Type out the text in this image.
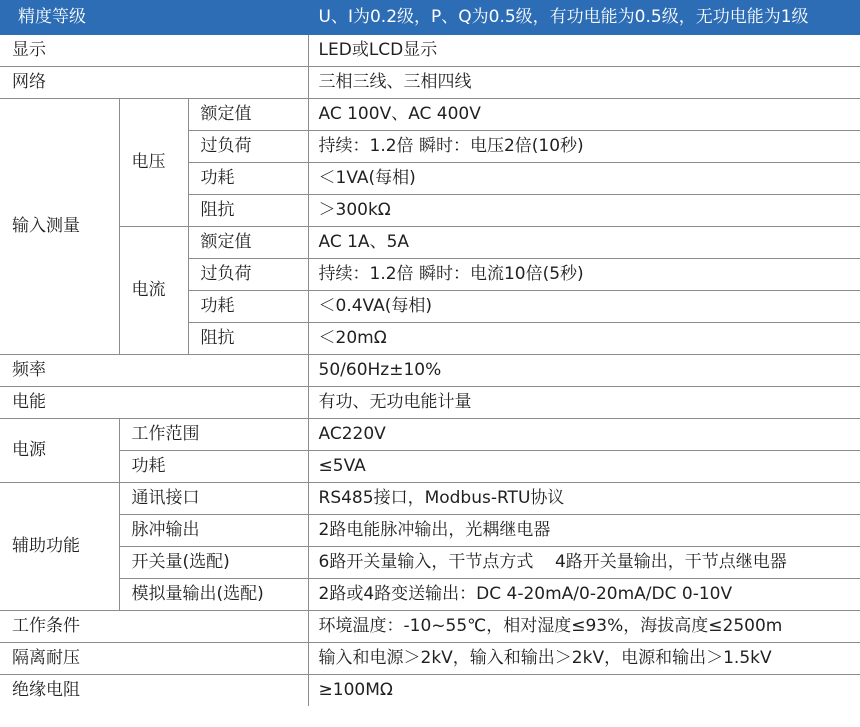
精度等级			U、I为0.2级，P、Q为0.5级，有功电能为0.5级，无功电能为1级
显示			LED或LCD显示
网络			三相三线、三相四线
输入测量	电压	额定值	AC 100V、AC 400V
		过负荷	持续：1.2倍 瞬时：电压2倍(10秒)
		功耗	＜1VA(每相)
		阻抗	＞300kΩ
	电流	额定值	AC 1A、5A
		过负荷	持续：1.2倍 瞬时：电流10倍(5秒)
		功耗	＜0.4VA(每相)
		阻抗	＜20mΩ
频率			50/60Hz±10%
电能			有功、无功电能计量
电源	工作范围		AC220V
	功耗		≤5VA
辅助功能	通讯接口		RS485接口，Modbus-RTU协议
	脉冲输出		2路电能脉冲输出，光耦继电器
	开关量(选配)		6路开关量输入，干节点方式    4路开关量输出，干节点继电器
	模拟量输出(选配)		2路或4路变送输出：DC 4-20mA/0-20mA/DC 0-10V
工作条件			环境温度：-10~55℃，相对湿度≤93%，海拔高度≤2500m
隔离耐压			输入和电源＞2kV，输入和输出＞2kV，电源和输出＞1.5kV
绝缘电阻			≥100MΩ
